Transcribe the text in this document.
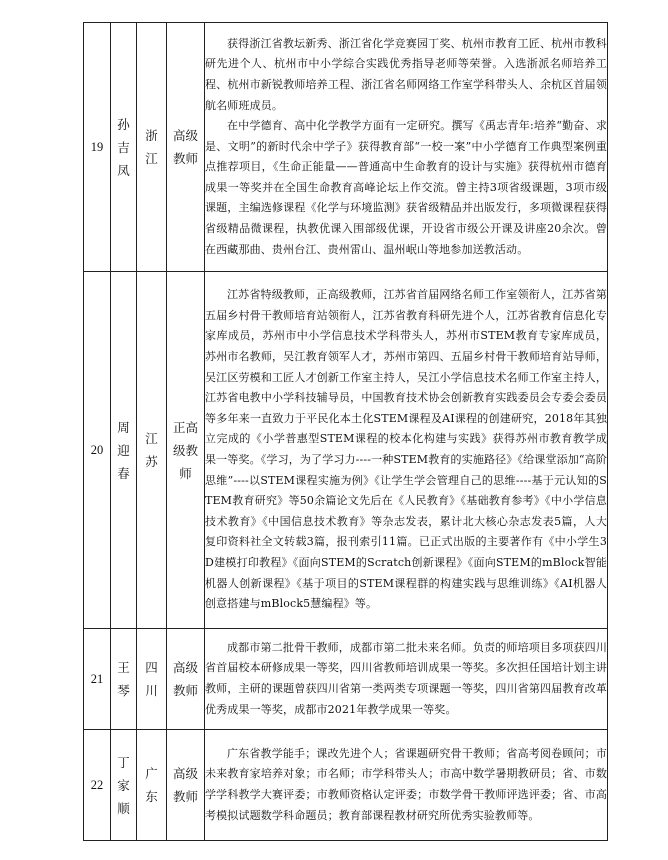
19	孙吉凤	浙江	高级教师	获得浙江省教坛新秀、浙江省化学竞赛园丁奖、杭州市教育工匠、杭州市教科研先进个人、杭州市中小学综合实践优秀指导老师等荣誉。入选浙派名师培养工程、杭州市新锐教师培养工程、浙江省名师网络工作室学科带头人、余杭区首届领航名师班成员。

在中学德育、高中化学教学方面有一定研究。撰写《禹志青年:培养“勤奋、求是、文明”的新时代余中学子》获得教育部“一校一案”中小学德育工作典型案例重点推荐项目，《生命正能量——普通高中生命教育的设计与实施》获得杭州市德育成果一等奖并在全国生命教育高峰论坛上作交流。曾主持3项省级课题，3项市级课题，主编选修课程《化学与环境监测》获省级精品并出版发行，多项微课程获得省级精品微课程，执教优课入围部级优课，开设省市级公开课及讲座20余次。曾在西藏那曲、贵州台江、贵州雷山、温州岷山等地参加送教活动。

20	周迎春	江苏	正高级教师	江苏省特级教师，正高级教师，江苏省首届网络名师工作室领衔人，江苏省第五届乡村骨干教师培育站领衔人，江苏省教育科研先进个人，江苏省教育信息化专家库成员，苏州市中小学信息技术学科带头人，苏州市STEM教育专家库成员，苏州市名教师，吴江教育领军人才，苏州市第四、五届乡村骨干教师培育站导师，吴江区劳模和工匠人才创新工作室主持人，吴江小学信息技术名师工作室主持人，江苏省电教中小学科技辅导员，中国教育技术协会创新教育实践委员会专委会委员等多年来一直致力于平民化本土化STEM课程及AI课程的创建研究，2018年其独立完成的《小学普惠型STEM课程的校本化构建与实践》获得苏州市教育教学成果一等奖。《学习，为了学习力----一种STEM教育的实施路径》《给课堂添加“高阶思维”----以STEM课程实施为例》《让学生学会管理自己的思维----基于元认知的STEM教育研究》等50余篇论文先后在《人民教育》《基础教育参考》《中小学信息技术教育》《中国信息技术教育》等杂志发表，累计北大核心杂志发表5篇，人大复印资料社全文转载3篇，报刊索引11篇。已正式出版的主要著作有《中小学生3D建模打印教程》《面向STEM的Scratch创新课程》《面向STEM的mBlock智能机器人创新课程》《基于项目的STEM课程群的构建实践与思维训练》《AI机器人创意搭建与mBlock5慧编程》等。

21	王琴	四川	高级教师	成都市第二批骨干教师，成都市第二批未来名师。负责的师培项目多项获四川省首届校本研修成果一等奖，四川省教师培训成果一等奖。多次担任国培计划主讲教师，主研的课题曾获四川省第一类两类专项课题一等奖，四川省第四届教育改革优秀成果一等奖，成都市2021年教学成果一等奖。

22	丁家顺	广东	高级教师	广东省教学能手；课改先进个人；省课题研究骨干教师；省高考阅卷顾问；市未来教育家培养对象；市名师；市学科带头人；市高中数学暑期教研员；省、市数学学科教学大赛评委；市教师资格认定评委；市数学骨干教师评选评委；省、市高考模拟试题数学科命题员；教育部课程教材研究所优秀实验教师等。
